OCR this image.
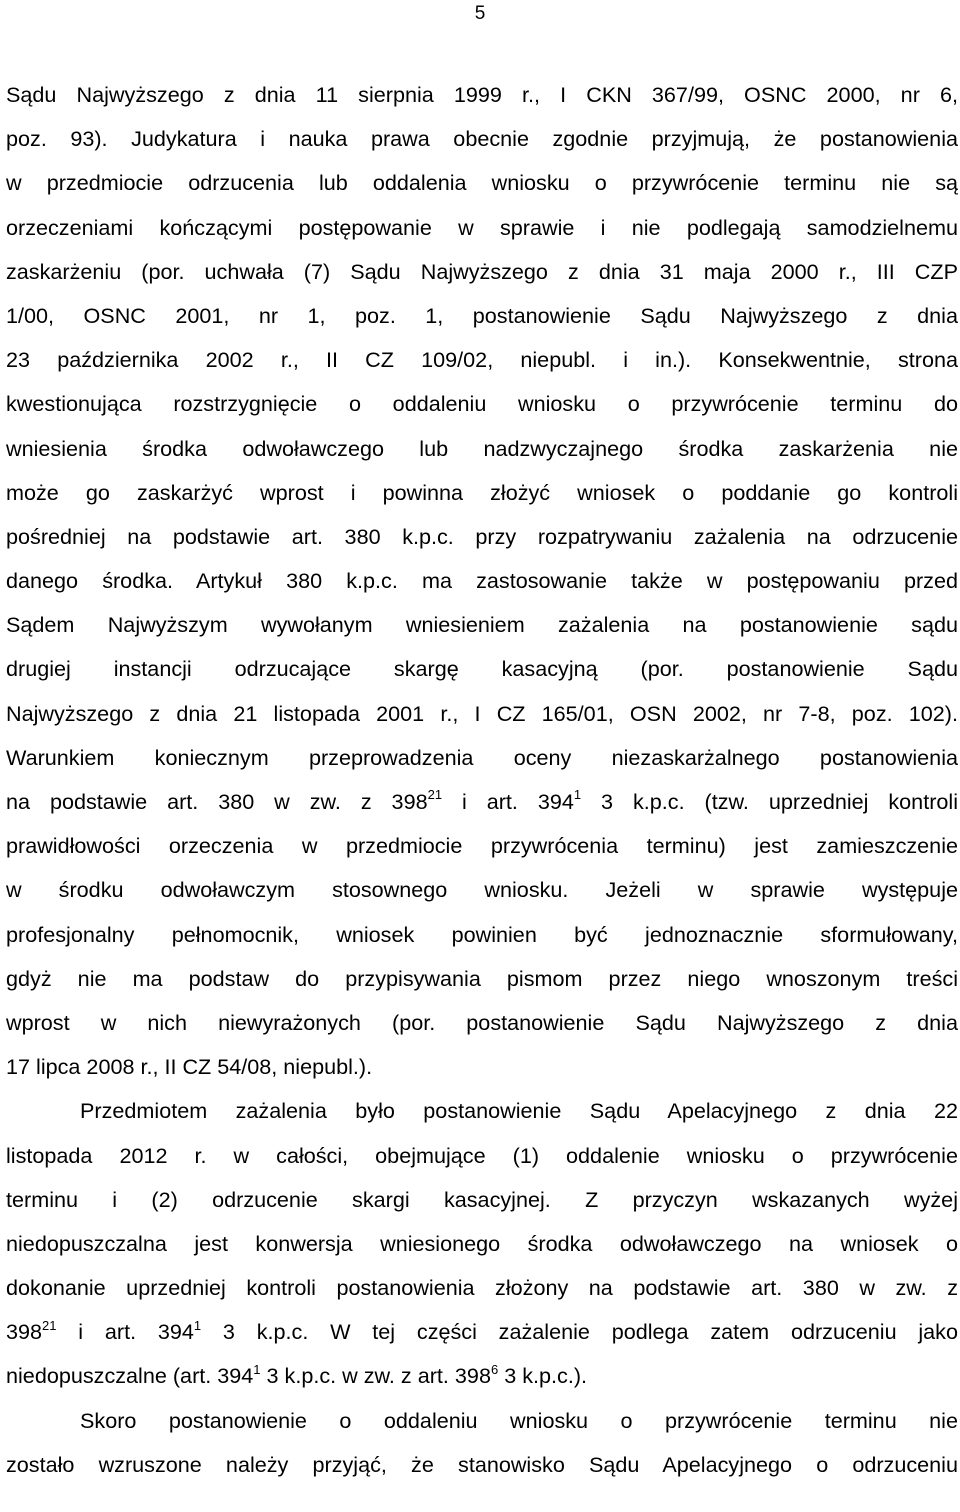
5
Sądu Najwyższego z dnia 11 sierpnia 1999 r., I CKN 367/99, OSNC 2000, nr 6,
poz. 93). Judykatura i nauka prawa obecnie zgodnie przyjmują, że postanowienia
w przedmiocie odrzucenia lub oddalenia wniosku o przywrócenie terminu nie są
orzeczeniami kończącymi postępowanie w sprawie i nie podlegają samodzielnemu
zaskarżeniu (por. uchwała (7) Sądu Najwyższego z dnia 31 maja 2000 r., III CZP
1/00, OSNC 2001, nr 1, poz. 1, postanowienie Sądu Najwyższego z dnia
23 października 2002 r., II CZ 109/02, niepubl. i in.). Konsekwentnie, strona
kwestionująca rozstrzygnięcie o oddaleniu wniosku o przywrócenie terminu do
wniesienia środka odwoławczego lub nadzwyczajnego środka zaskarżenia nie
może go zaskarżyć wprost i powinna złożyć wniosek o poddanie go kontroli
pośredniej na podstawie art. 380 k.p.c. przy rozpatrywaniu zażalenia na odrzucenie
danego środka. Artykuł 380 k.p.c. ma zastosowanie także w postępowaniu przed
Sądem Najwyższym wywołanym wniesieniem zażalenia na postanowienie sądu
drugiej instancji odrzucające skargę kasacyjną (por. postanowienie Sądu
Najwyższego z dnia 21 listopada 2001 r., I CZ 165/01, OSN 2002, nr 7-8, poz. 102).
Warunkiem koniecznym przeprowadzenia oceny niezaskarżalnego postanowienia
na podstawie art. 380 w zw. z $398^{21}$ i art. $394^1$ 3 k.p.c. (tzw. uprzedniej kontroli
prawidłowości orzeczenia w przedmiocie przywrócenia terminu) jest zamieszczenie
w środku odwoławczym stosownego wniosku. Jeżeli w sprawie występuje
profesjonalny pełnomocnik, wniosek powinien być jednoznacznie sformułowany,
gdyż nie ma podstaw do przypisywania pismom przez niego wnoszonym treści
wprost w nich niewyrażonych (por. postanowienie Sądu Najwyższego z dnia
17 lipca 2008 r., II CZ 54/08, niepubl.).
Przedmiotem zażalenia było postanowienie Sądu Apelacyjnego z dnia 22
listopada 2012 r. w całości, obejmujące (1) oddalenie wniosku o przywrócenie
terminu i (2) odrzucenie skargi kasacyjnej. Z przyczyn wskazanych wyżej
niedopuszczalna jest konwersja wniesionego środka odwoławczego na wniosek o
dokonanie uprzedniej kontroli postanowienia złożony na podstawie art. 380 w zw. z
$398^{21}$ i art. $394^1$ 3 k.p.c. W tej części zażalenie podlega zatem odrzuceniu jako
niedopuszczalne (art. $394^1$ 3 k.p.c. w zw. z art. $398^6$ 3 k.p.c.).
Skoro postanowienie o oddaleniu wniosku o przywrócenie terminu nie
zostało wzruszone należy przyjąć, że stanowisko Sądu Apelacyjnego o odrzuceniu
